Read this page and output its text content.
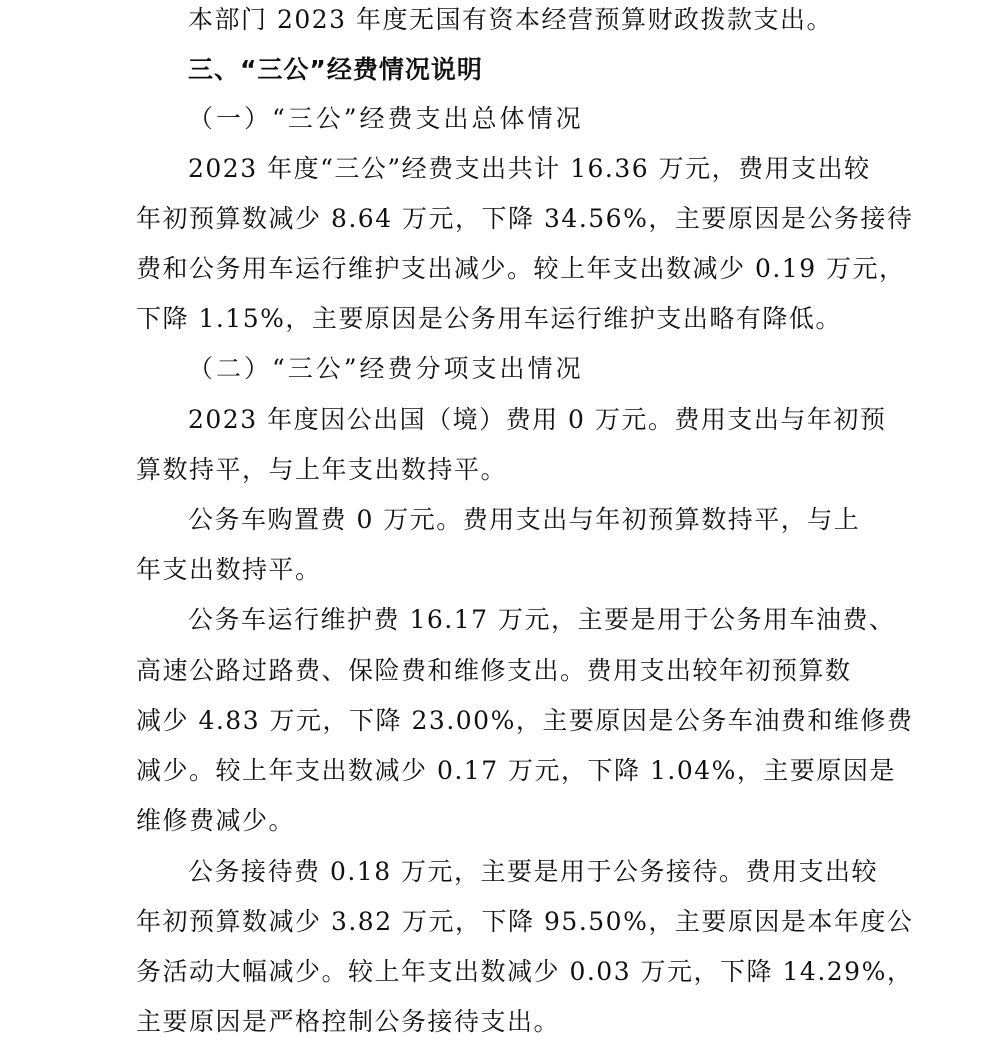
本部门 2023 年度无国有资本经营预算财政拨款支出。
三、“三公”经费情况说明
（一）“三公”经费支出总体情况
2023 年度“三公”经费支出共计 16.36 万元，费用支出较
年初预算数减少 8.64 万元，下降 34.56%，主要原因是公务接待
费和公务用车运行维护支出减少。较上年支出数减少 0.19 万元，
下降 1.15%，主要原因是公务用车运行维护支出略有降低。
（二）“三公”经费分项支出情况
2023 年度因公出国（境）费用 0 万元。费用支出与年初预
算数持平，与上年支出数持平。
公务车购置费 0 万元。费用支出与年初预算数持平，与上
年支出数持平。
公务车运行维护费 16.17 万元，主要是用于公务用车油费、
高速公路过路费、保险费和维修支出。费用支出较年初预算数
减少 4.83 万元，下降 23.00%，主要原因是公务车油费和维修费
减少。较上年支出数减少 0.17 万元，下降 1.04%，主要原因是
维修费减少。
公务接待费 0.18 万元，主要是用于公务接待。费用支出较
年初预算数减少 3.82 万元，下降 95.50%，主要原因是本年度公
务活动大幅减少。较上年支出数减少 0.03 万元，下降 14.29%，
主要原因是严格控制公务接待支出。
